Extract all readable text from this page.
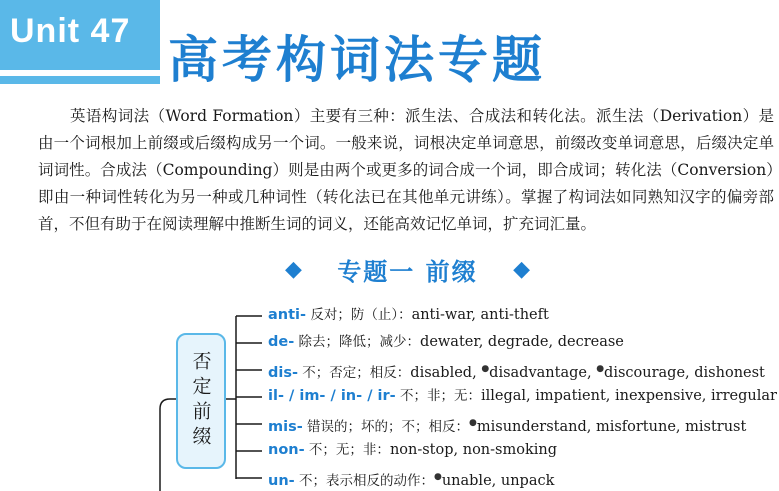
Unit 47 高考构词法专题

英语构词法（Word Formation）主要有三种：派生法、合成法和转化法。派生法（Derivation）是由一个词根加上前缀或后缀构成另一个词。一般来说，词根决定单词意思，前缀改变单词意思，后缀决定单词词性。合成法（Compounding）则是由两个或更多的词合成一个词，即合成词；转化法（Conversion）即由一种词性转化为另一种或几种词性（转化法已在其他单元讲练）。掌握了构词法如同熟知汉字的偏旁部首，不但有助于在阅读理解中推断生词的词义，还能高效记忆单词，扩充词汇量。

◆ 专题一 前缀 ◆
否定前缀
anti- 反对；防（止）：anti-war, anti-theft
de- 除去；降低；减少：dewater, degrade, decrease
dis- 不；否定；相反：disabled, ●disadvantage, ●discourage, dishonest
il- / im- / in- / ir- 不；非；无：illegal, impatient, inexpensive, irregular
mis- 错误的；坏的；不；相反：●misunderstand, misfortune, mistrust
non- 不；无；非：non-stop, non-smoking
un- 不；表示相反的动作：●unable, unpack
